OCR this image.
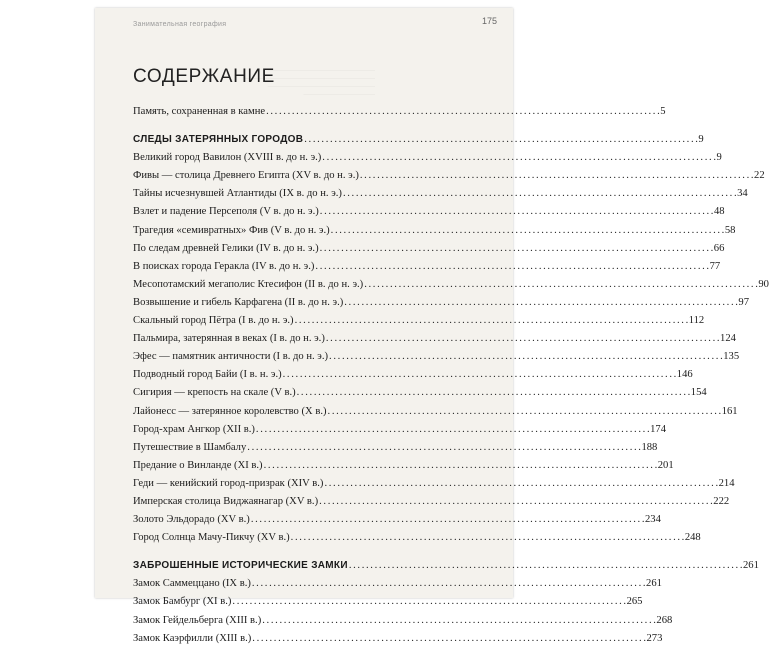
Занимательная география	175
_________________________________
________________________________________
_________________________________
______________________
СОДЕРЖАНИЕ
Память, сохраненная в камне . . .	5
СЛЕДЫ ЗАТЕРЯННЫХ ГОРОДОВ . . .	9
Великий город Вавилон (XVIII в. до н. э.) . . .	9
Фивы — столица Древнего Египта (XV в. до н. э.) . . .	22
Тайны исчезнувшей Атлантиды (IX в. до н. э.) . . .	34
Взлет и падение Персеполя (V в. до н. э.) . . .	48
Трагедия «семивратных» Фив (V в. до н. э.) . . .	58
По следам древней Гелики (IV в. до н. э.) . . .	66
В поисках города Геракла (IV в. до н. э.) . . .	77
Месопотамский мегаполис Ктесифон (II в. до н. э.) . . .	90
Возвышение и гибель Карфагена (II в. до н. э.) . . .	97
Скальный город Пётра (I в. до н. э.) . . .	112
Пальмира, затерянная в веках (I в. до н. э.) . . .	124
Эфес — памятник античности (I в. до н. э.) . . .	135
Подводный город Байи (I в. н. э.) . . .	146
Сигирия — крепость на скале (V в.) . . .	154
Лайонесс — затерянное королевство (X в.) . . .	161
Город-храм Ангкор (XII в.) . . .	174
Путешествие в Шамбалу . . .	188
Предание о Винланде (XI в.) . . .	201
Геди — кенийский город-призрак (XIV в.) . . .	214
Имперская столица Виджаянагар (XV в.) . . .	222
Золото Эльдорадо (XV в.) . . .	234
Город Солнца Мачу-Пикчу (XV в.) . . .	248
ЗАБРОШЕННЫЕ ИСТОРИЧЕСКИЕ ЗАМКИ . . .	261
Замок Саммеццано (IX в.) . . .	261
Замок Бамбург (XI в.) . . .	265
Замок Гейдельберга (XIII в.) . . .	268
Замок Каэрфилли (XIII в.) . . .	273
